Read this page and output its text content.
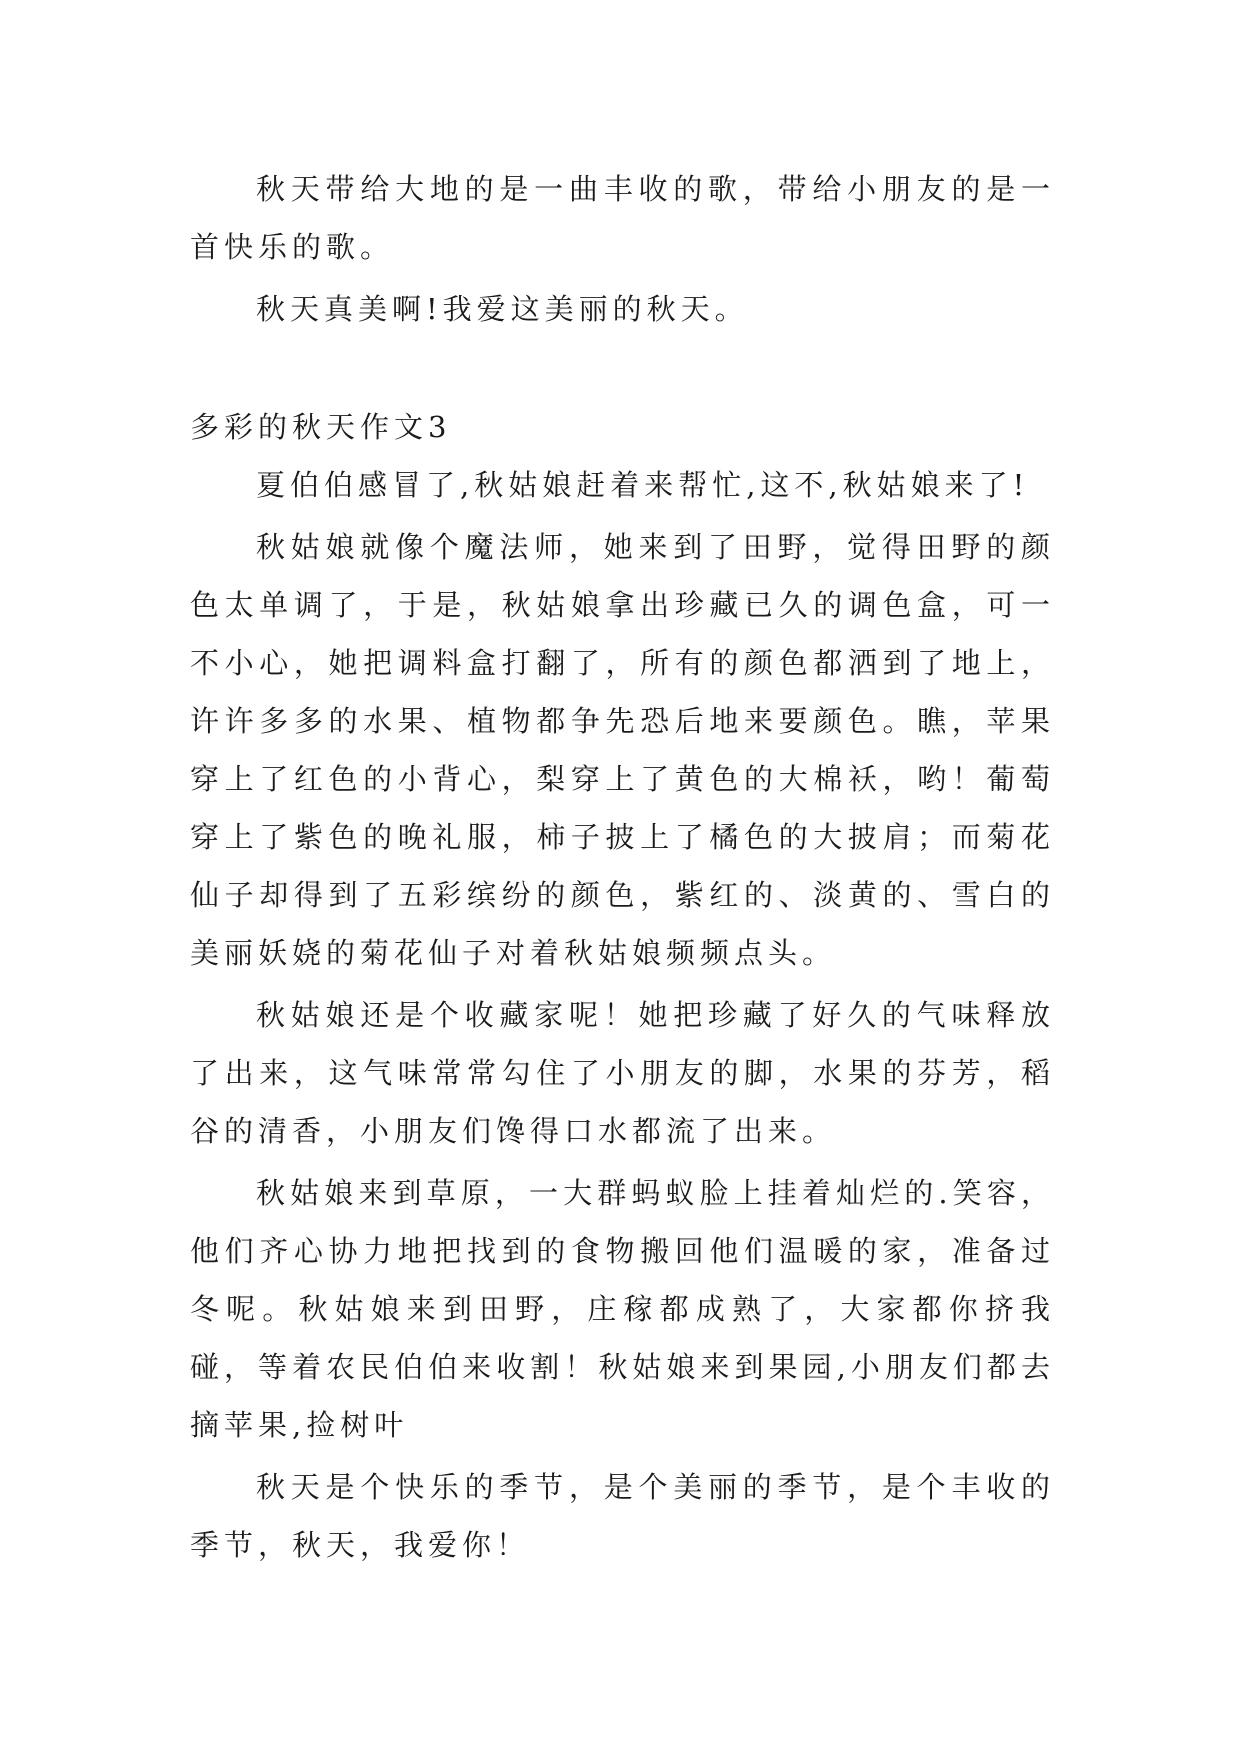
秋天带给大地的是一曲丰收的歌，带给小朋友的是一首快乐的歌。

秋天真美啊!我爱这美丽的秋天。

多彩的秋天作文3

夏伯伯感冒了,秋姑娘赶着来帮忙,这不,秋姑娘来了!

秋姑娘就像个魔法师，她来到了田野，觉得田野的颜色太单调了，于是，秋姑娘拿出珍藏已久的调色盒，可一不小心，她把调料盒打翻了，所有的颜色都洒到了地上，许许多多的水果、植物都争先恐后地来要颜色。瞧，苹果穿上了红色的小背心，梨穿上了黄色的大棉袄，哟！葡萄穿上了紫色的晚礼服，柿子披上了橘色的大披肩；而菊花仙子却得到了五彩缤纷的颜色，紫红的、淡黄的、雪白的美丽妖娆的菊花仙子对着秋姑娘频频点头。

秋姑娘还是个收藏家呢！她把珍藏了好久的气味释放了出来，这气味常常勾住了小朋友的脚，水果的芬芳，稻谷的清香，小朋友们馋得口水都流了出来。

秋姑娘来到草原，一大群蚂蚁脸上挂着灿烂的.笑容，他们齐心协力地把找到的食物搬回他们温暖的家，准备过冬呢。秋姑娘来到田野，庄稼都成熟了，大家都你挤我碰，等着农民伯伯来收割！秋姑娘来到果园,小朋友们都去摘苹果,捡树叶

秋天是个快乐的季节，是个美丽的季节，是个丰收的季节，秋天，我爱你！
